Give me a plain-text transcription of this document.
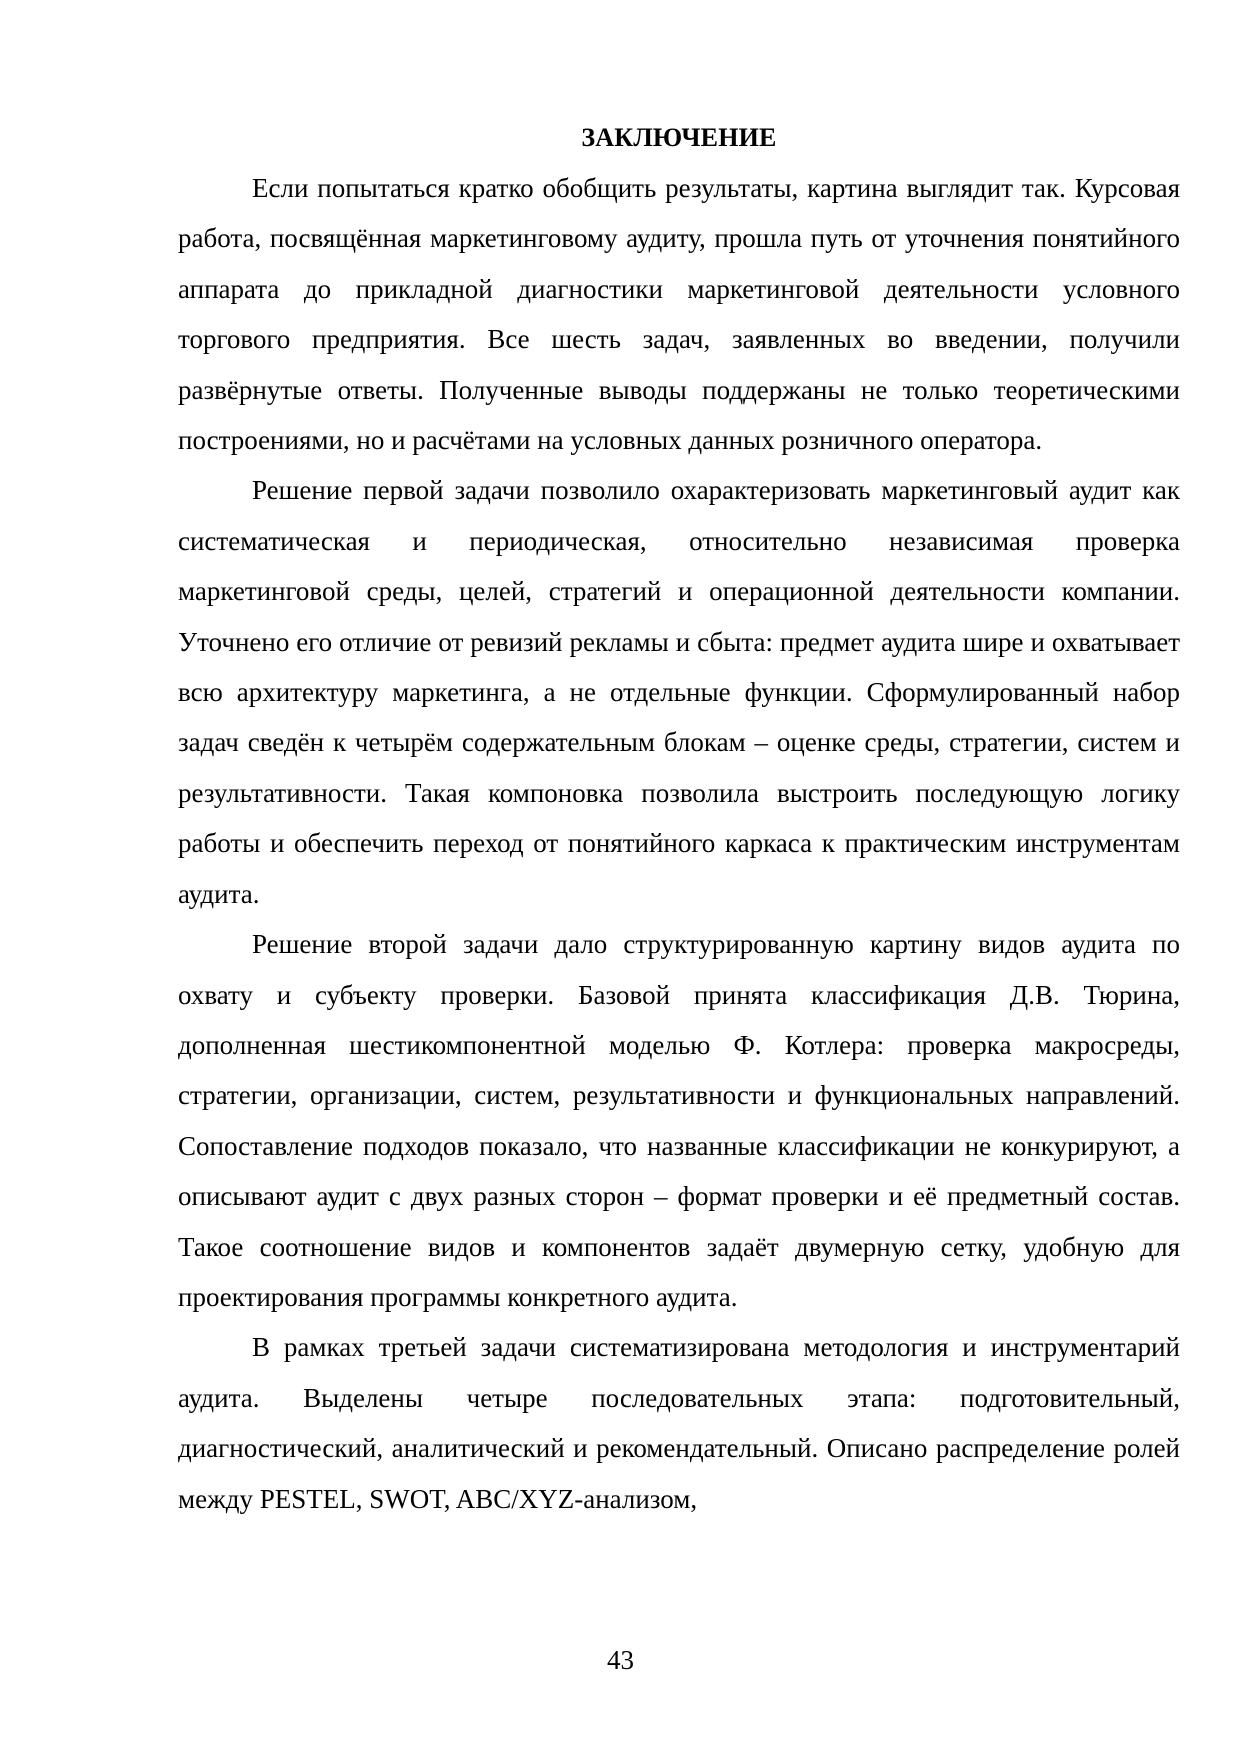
ЗАКЛЮЧЕНИЕ

Если попытаться кратко обобщить результаты, картина выглядит так. Курсовая работа, посвящённая маркетинговому аудиту, прошла путь от уточнения понятийного аппарата до прикладной диагностики маркетинговой деятельности условного торгового предприятия. Все шесть задач, заявленных во введении, получили развёрнутые ответы. Полученные выводы поддержаны не только теоретическими построениями, но и расчётами на условных данных розничного оператора.

Решение первой задачи позволило охарактеризовать маркетинговый аудит как систематическая и периодическая, относительно независимая проверка маркетинговой среды, целей, стратегий и операционной деятельности компании. Уточнено его отличие от ревизий рекламы и сбыта: предмет аудита шире и охватывает всю архитектуру маркетинга, а не отдельные функции. Сформулированный набор задач сведён к четырём содержательным блокам – оценке среды, стратегии, систем и результативности. Такая компоновка позволила выстроить последующую логику работы и обеспечить переход от понятийного каркаса к практическим инструментам аудита.

Решение второй задачи дало структурированную картину видов аудита по охвату и субъекту проверки. Базовой принята классификация Д.В. Тюрина, дополненная шестикомпонентной моделью Ф. Котлера: проверка макросреды, стратегии, организации, систем, результативности и функциональных направлений. Сопоставление подходов показало, что названные классификации не конкурируют, а описывают аудит с двух разных сторон – формат проверки и её предметный состав. Такое соотношение видов и компонентов задаёт двумерную сетку, удобную для проектирования программы конкретного аудита.

В рамках третьей задачи систематизирована методология и инструментарий аудита. Выделены четыре последовательных этапа: подготовительный, диагностический, аналитический и рекомендательный. Описано распределение ролей между PESTEL, SWOT, ABC/XYZ-анализом,

43
